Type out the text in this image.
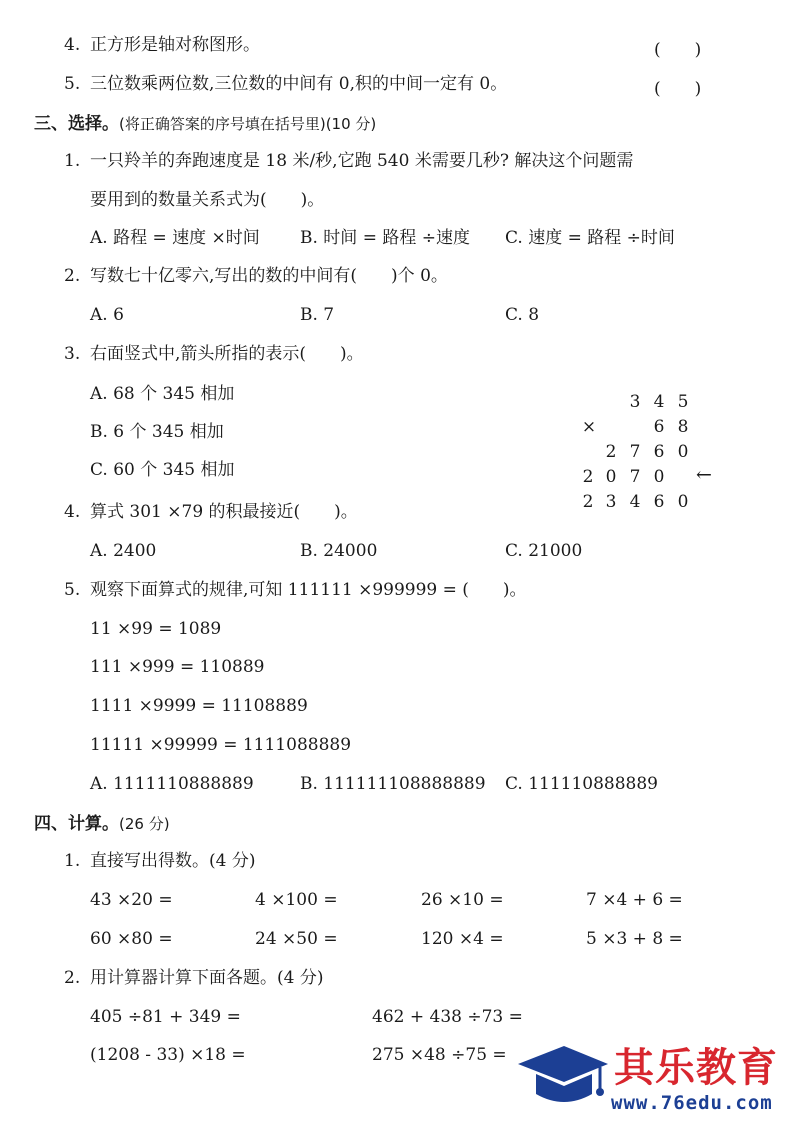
4. 正方形是轴对称图形。	(　　)
5. 三位数乘两位数,三位数的中间有 0,积的中间一定有 0。	(　　)
三、选择。(将正确答案的序号填在括号里)(10 分)
1. 一只羚羊的奔跑速度是 18 米/秒,它跑 540 米需要几秒? 解决这个问题需
要用到的数量关系式为(　　)。
A. 路程 = 速度 ×时间 B. 时间 = 路程 ÷速度 C. 速度 = 路程 ÷时间
2. 写数七十亿零六,写出的数的中间有(　　)个 0。
A. 6	B. 7	C. 8
3. 右面竖式中,箭头所指的表示(　　)。
A. 68 个 345 相加
B. 6 个 345 相加
C. 60 个 345 相加
3 4 5
×	6 8
2 7 6 0
2 0 7 0 ←
2 3 4 6 0
4. 算式 301 ×79 的积最接近(　　)。
A. 2400	B. 24000	C. 21000
5. 观察下面算式的规律,可知 111111 ×999999 = (　　)。
11 ×99 = 1089
111 ×999 = 110889
1111 ×9999 = 11108889
11111 ×99999 = 1111088889
A. 1111110888889	B. 111111108888889 C. 111110888889
四、计算。(26 分)
1. 直接写出得数。(4 分)
43 ×20 =	4 ×100 =	26 ×10 =	7 ×4 + 6 =
60 ×80 =	24 ×50 =	120 ×4 =	5 ×3 + 8 =
2. 用计算器计算下面各题。(4 分)
405 ÷81 + 349 =	462 + 438 ÷73 =
(1208 - 33) ×18 =	275 ×48 ÷75 =	其乐教育
www.76edu.com
